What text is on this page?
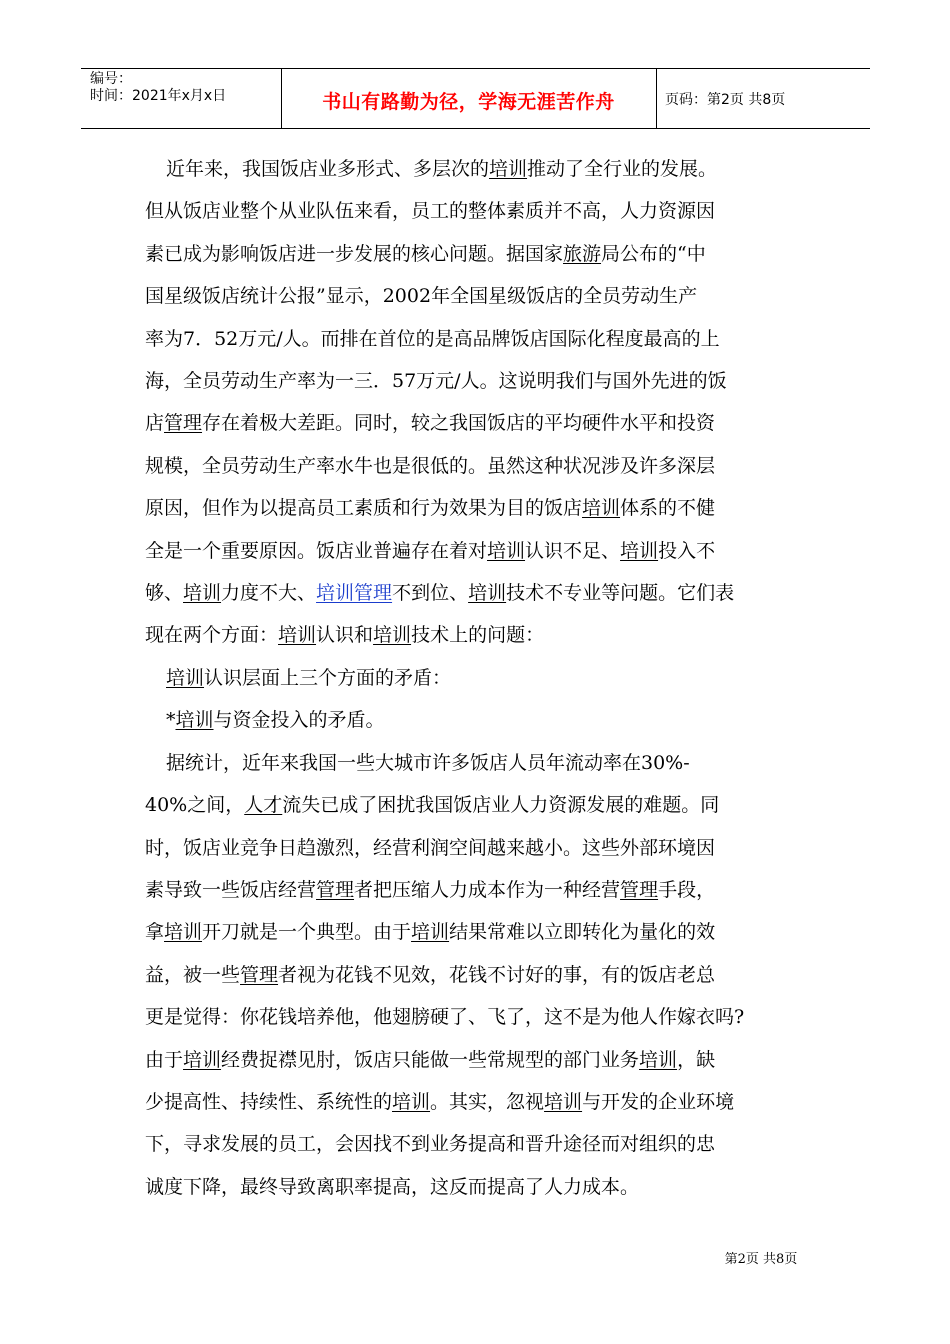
编号：
时间：2021年x月x日	书山有路勤为径，学海无涯苦作舟	页码：第2页 共8页
近年来，我国饭店业多形式、多层次的培训推动了全行业的发展。
但从饭店业整个从业队伍来看，员工的整体素质并不高，人力资源因
素已成为影响饭店进一步发展的核心问题。据国家旅游局公布的“中
国星级饭店统计公报”显示，2002年全国星级饭店的全员劳动生产
率为7．52万元/人。而排在首位的是高品牌饭店国际化程度最高的上
海，全员劳动生产率为一三．57万元/人。这说明我们与国外先进的饭
店管理存在着极大差距。同时，较之我国饭店的平均硬件水平和投资
规模，全员劳动生产率水牛也是很低的。虽然这种状况涉及许多深层
原因，但作为以提高员工素质和行为效果为目的饭店培训体系的不健
全是一个重要原因。饭店业普遍存在着对培训认识不足、培训投入不
够、培训力度不大、培训管理不到位、培训技术不专业等问题。它们表
现在两个方面：培训认识和培训技术上的问题：
培训认识层面上三个方面的矛盾：
*培训与资金投入的矛盾。
据统计，近年来我国一些大城市许多饭店人员年流动率在30%-
40%之间，人才流失已成了困扰我国饭店业人力资源发展的难题。同
时，饭店业竞争日趋激烈，经营利润空间越来越小。这些外部环境因
素导致一些饭店经营管理者把压缩人力成本作为一种经营管理手段，
拿培训开刀就是一个典型。由于培训结果常难以立即转化为量化的效
益，被一些管理者视为花钱不见效，花钱不讨好的事，有的饭店老总
更是觉得：你花钱培养他，他翅膀硬了、飞了，这不是为他人作嫁衣吗?
由于培训经费捉襟见肘，饭店只能做一些常规型的部门业务培训，缺
少提高性、持续性、系统性的培训。其实，忽视培训与开发的企业环境
下，寻求发展的员工，会因找不到业务提高和晋升途径而对组织的忠
诚度下降，最终导致离职率提高，这反而提高了人力成本。
第2页 共8页
